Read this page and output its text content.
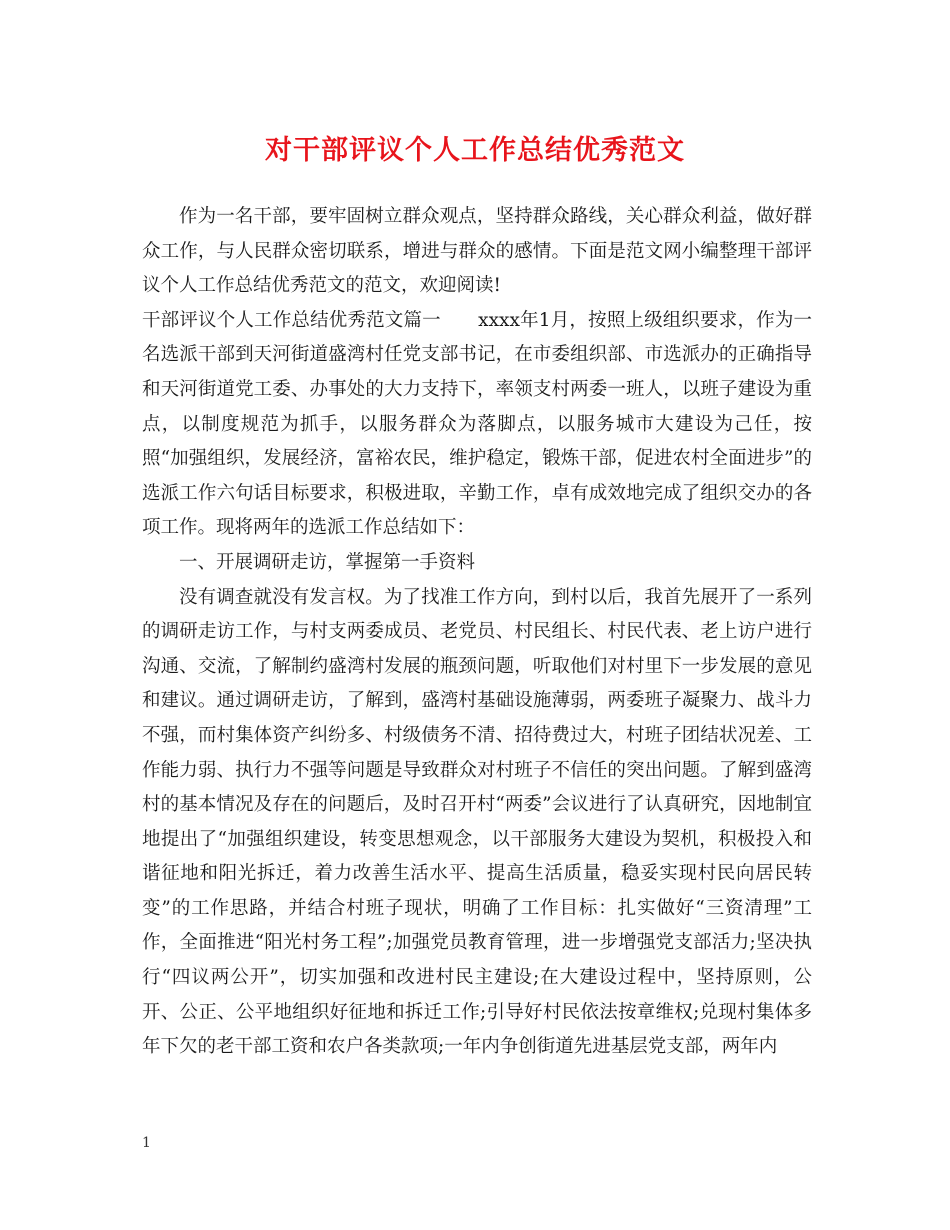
对干部评议个人工作总结优秀范文

作为一名干部，要牢固树立群众观点，坚持群众路线，关心群众利益，做好群众工作，与人民群众密切联系，增进与群众的感情。下面是范文网小编整理干部评议个人工作总结优秀范文的范文，欢迎阅读!

干部评议个人工作总结优秀范文篇一　　xxxx年1月，按照上级组织要求，作为一名选派干部到天河街道盛湾村任党支部书记，在市委组织部、市选派办的正确指导和天河街道党工委、办事处的大力支持下，率领支村两委一班人，以班子建设为重点，以制度规范为抓手，以服务群众为落脚点，以服务城市大建设为己任，按照“加强组织，发展经济，富裕农民，维护稳定，锻炼干部，促进农村全面进步”的选派工作六句话目标要求，积极进取，辛勤工作，卓有成效地完成了组织交办的各项工作。现将两年的选派工作总结如下：

一、开展调研走访，掌握第一手资料

没有调查就没有发言权。为了找准工作方向，到村以后，我首先展开了一系列的调研走访工作，与村支两委成员、老党员、村民组长、村民代表、老上访户进行沟通、交流，了解制约盛湾村发展的瓶颈问题，听取他们对村里下一步发展的意见和建议。通过调研走访，了解到，盛湾村基础设施薄弱，两委班子凝聚力、战斗力不强，而村集体资产纠纷多、村级债务不清、招待费过大，村班子团结状况差、工作能力弱、执行力不强等问题是导致群众对村班子不信任的突出问题。了解到盛湾村的基本情况及存在的问题后，及时召开村“两委”会议进行了认真研究，因地制宜地提出了“加强组织建设，转变思想观念，以干部服务大建设为契机，积极投入和谐征地和阳光拆迁，着力改善生活水平、提高生活质量，稳妥实现村民向居民转变”的工作思路，并结合村班子现状，明确了工作目标：扎实做好“三资清理”工作，全面推进“阳光村务工程”;加强党员教育管理，进一步增强党支部活力;坚决执行“四议两公开”，切实加强和改进村民主建设;在大建设过程中，坚持原则，公开、公正、公平地组织好征地和拆迁工作;引导好村民依法按章维权;兑现村集体多年下欠的老干部工资和农户各类款项;一年内争创街道先进基层党支部，两年内

1
